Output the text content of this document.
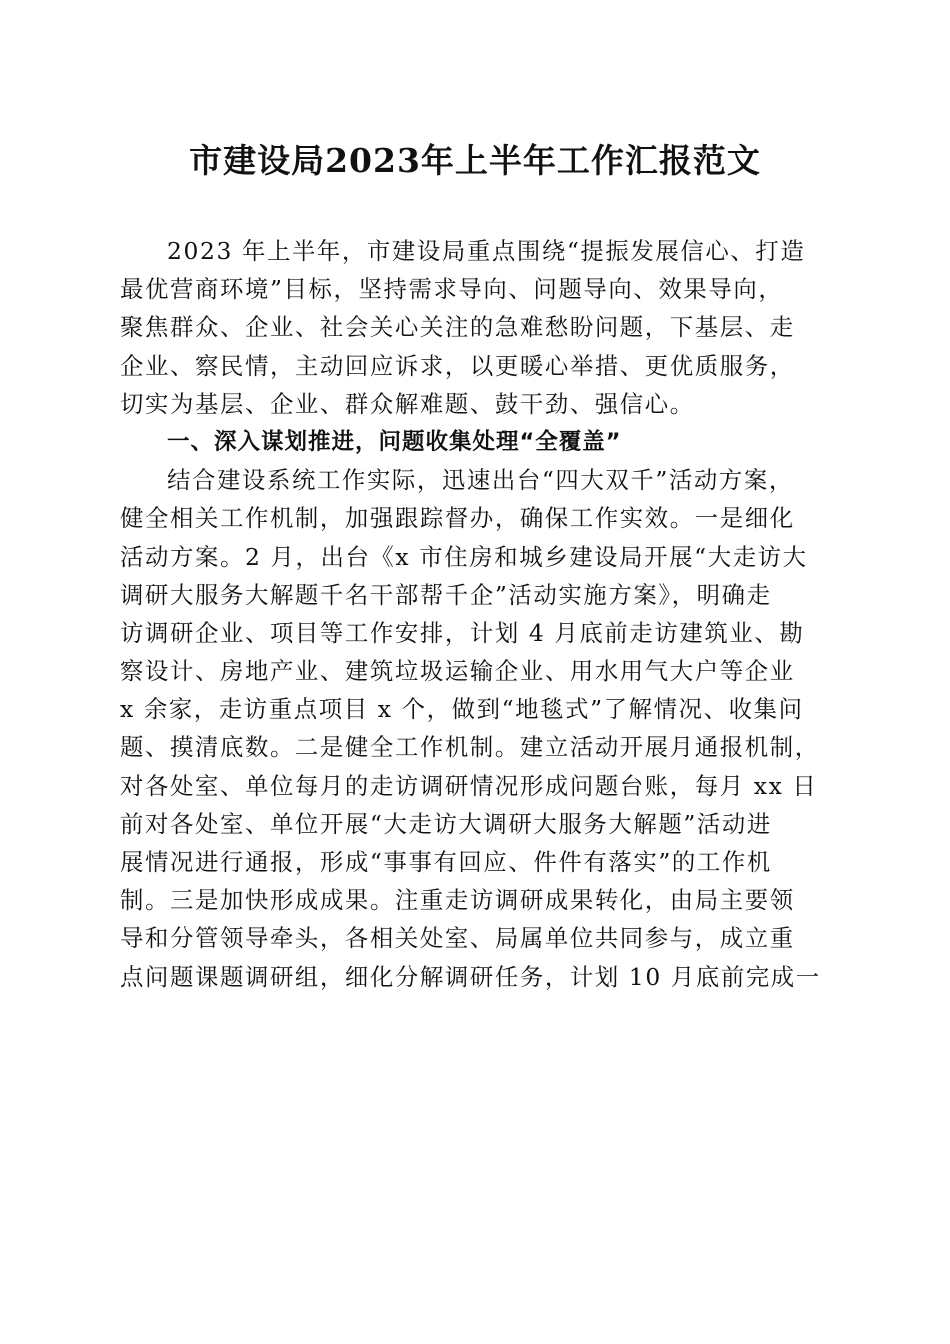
市建设局2023年上半年工作汇报范文
2023 年上半年，市建设局重点围绕“提振发展信心、打造
最优营商环境”目标，坚持需求导向、问题导向、效果导向，
聚焦群众、企业、社会关心关注的急难愁盼问题，下基层、走
企业、察民情，主动回应诉求，以更暖心举措、更优质服务，
切实为基层、企业、群众解难题、鼓干劲、强信心。
一、深入谋划推进，问题收集处理“全覆盖”
结合建设系统工作实际，迅速出台“四大双千”活动方案，
健全相关工作机制，加强跟踪督办，确保工作实效。一是细化
活动方案。2 月，出台《x 市住房和城乡建设局开展“大走访大
调研大服务大解题千名干部帮千企”活动实施方案》，明确走
访调研企业、项目等工作安排，计划 4 月底前走访建筑业、勘
察设计、房地产业、建筑垃圾运输企业、用水用气大户等企业
x 余家，走访重点项目 x 个，做到“地毯式”了解情况、收集问
题、摸清底数。二是健全工作机制。建立活动开展月通报机制，
对各处室、单位每月的走访调研情况形成问题台账，每月 xx 日
前对各处室、单位开展“大走访大调研大服务大解题”活动进
展情况进行通报，形成“事事有回应、件件有落实”的工作机
制。三是加快形成成果。注重走访调研成果转化，由局主要领
导和分管领导牵头，各相关处室、局属单位共同参与，成立重
点问题课题调研组，细化分解调研任务，计划 10 月底前完成一
